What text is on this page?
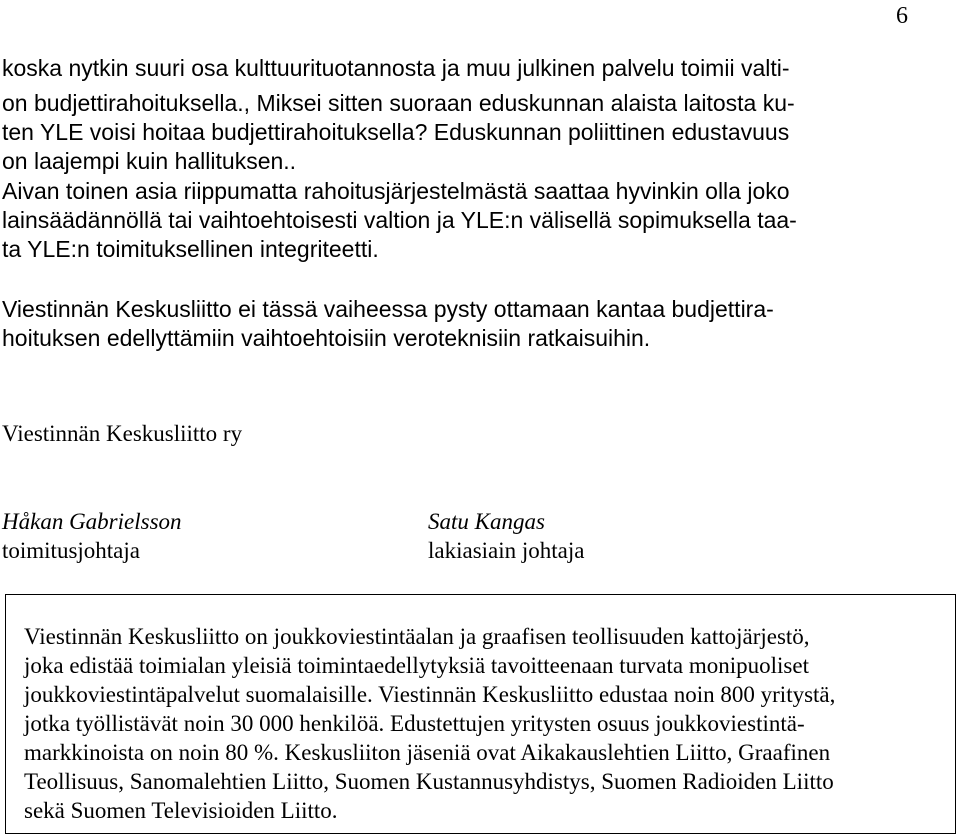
6
koska nytkin suuri osa kulttuurituotannosta ja muu julkinen palvelu toimii valti-
on budjettirahoituksella., Miksei sitten suoraan eduskunnan alaista laitosta ku-
ten YLE voisi hoitaa budjettirahoituksella? Eduskunnan poliittinen edustavuus
on laajempi kuin hallituksen..
Aivan toinen asia riippumatta rahoitusjärjestelmästä saattaa hyvinkin olla joko
lainsäädännöllä tai vaihtoehtoisesti valtion ja YLE:n välisellä sopimuksella taa-
ta YLE:n toimituksellinen integriteetti.
Viestinnän Keskusliitto ei tässä vaiheessa pysty ottamaan kantaa budjettira-
hoituksen edellyttämiin vaihtoehtoisiin veroteknisiin ratkaisuihin.
Viestinnän Keskusliitto ry
Håkan Gabrielsson
toimitusjohtaja
Satu Kangas
lakiasiain johtaja
Viestinnän Keskusliitto on joukkoviestintäalan ja graafisen teollisuuden kattojärjestö,
joka edistää toimialan yleisiä toimintaedellytyksiä tavoitteenaan turvata monipuoliset
joukkoviestintäpalvelut suomalaisille. Viestinnän Keskusliitto edustaa noin 800 yritystä,
jotka työllistävät noin 30 000 henkilöä. Edustettujen yritysten osuus joukkoviestintä-
markkinoista on noin 80 %. Keskusliiton jäseniä ovat Aikakauslehtien Liitto, Graafinen
Teollisuus, Sanomalehtien Liitto, Suomen Kustannusyhdistys, Suomen Radioiden Liitto
sekä Suomen Televisioiden Liitto.
